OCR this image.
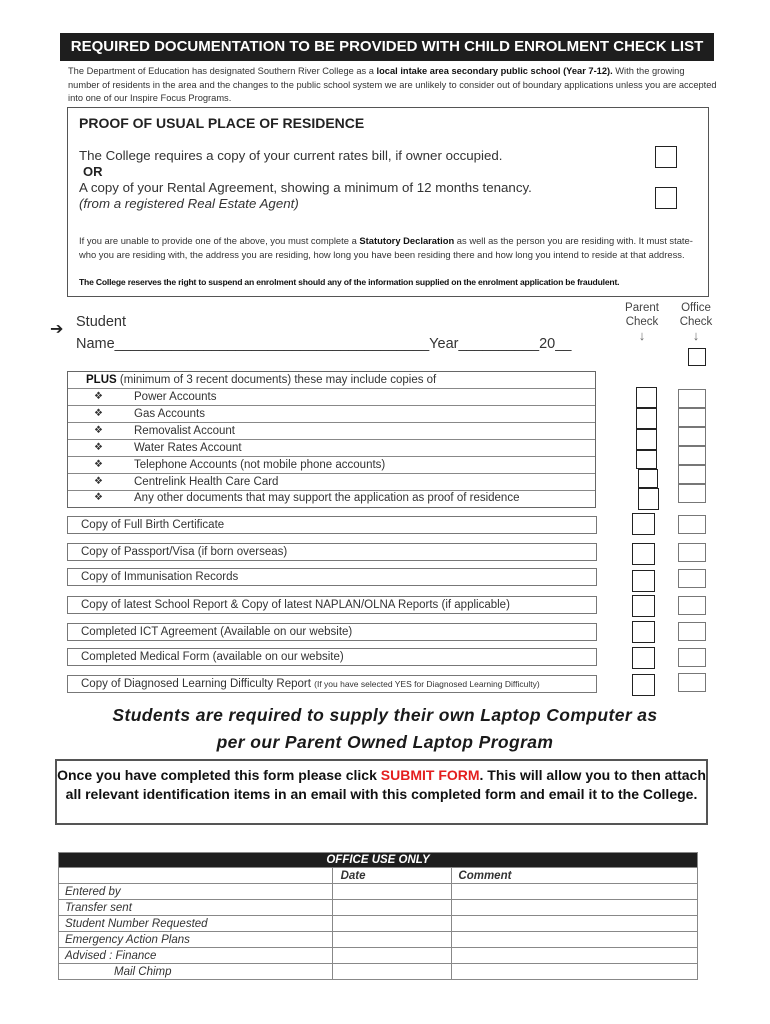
REQUIRED DOCUMENTATION TO BE PROVIDED WITH CHILD ENROLMENT CHECK LIST
The Department of Education has designated Southern River College as a local intake area secondary public school (Year 7-12). With the growing number of residents in the area and the changes to the public school system we are unlikely to consider out of boundary applications unless you are accepted into one of our Inspire Focus Programs.
PROOF OF USUAL PLACE OF RESIDENCE
The College requires a copy of your current rates bill, if owner occupied.
OR
A copy of your Rental Agreement, showing a minimum of 12 months tenancy.
(from a registered Real Estate Agent)
If you are unable to provide one of the above, you must complete a Statutory Declaration as well as the person you are residing with. It must state- who you are residing with, the address you are residing, how long you have been residing there and how long you intend to reside at that address.
The College reserves the right to suspend an enrolment should any of the information supplied on the enrolment application be fraudulent.
Parent
Check
↓
Office
Check
↓
➔ Student
Name_______________________________________Year__________20__
PLUS (minimum of 3 recent documents) these may include copies of
❖	Power Accounts
❖	Gas Accounts
❖	Removalist Account
❖	Water Rates Account
❖	Telephone Accounts (not mobile phone accounts)
❖	Centrelink Health Care Card
❖	Any other documents that may support the application as proof of residence
Copy of Full Birth Certificate
Copy of Passport/Visa (if born overseas)
Copy of Immunisation Records
Copy of latest School Report & Copy of latest NAPLAN/OLNA Reports (if applicable)
Completed ICT Agreement (Available on our website)
Completed Medical Form (available on our website)
Copy of Diagnosed Learning Difficulty Report (If you have selected YES for Diagnosed Learning Difficulty)
Students are required to supply their own Laptop Computer as
per our Parent Owned Laptop Program
Once you have completed this form please click SUBMIT FORM. This will allow you to then attach all relevant identification items in an email with this completed form and email it to the College.
OFFICE USE ONLY		
	Date	Comment
Entered by		
Transfer sent		
Student Number Requested		
Emergency Action Plans		
Advised : Finance		
Mail Chimp		
